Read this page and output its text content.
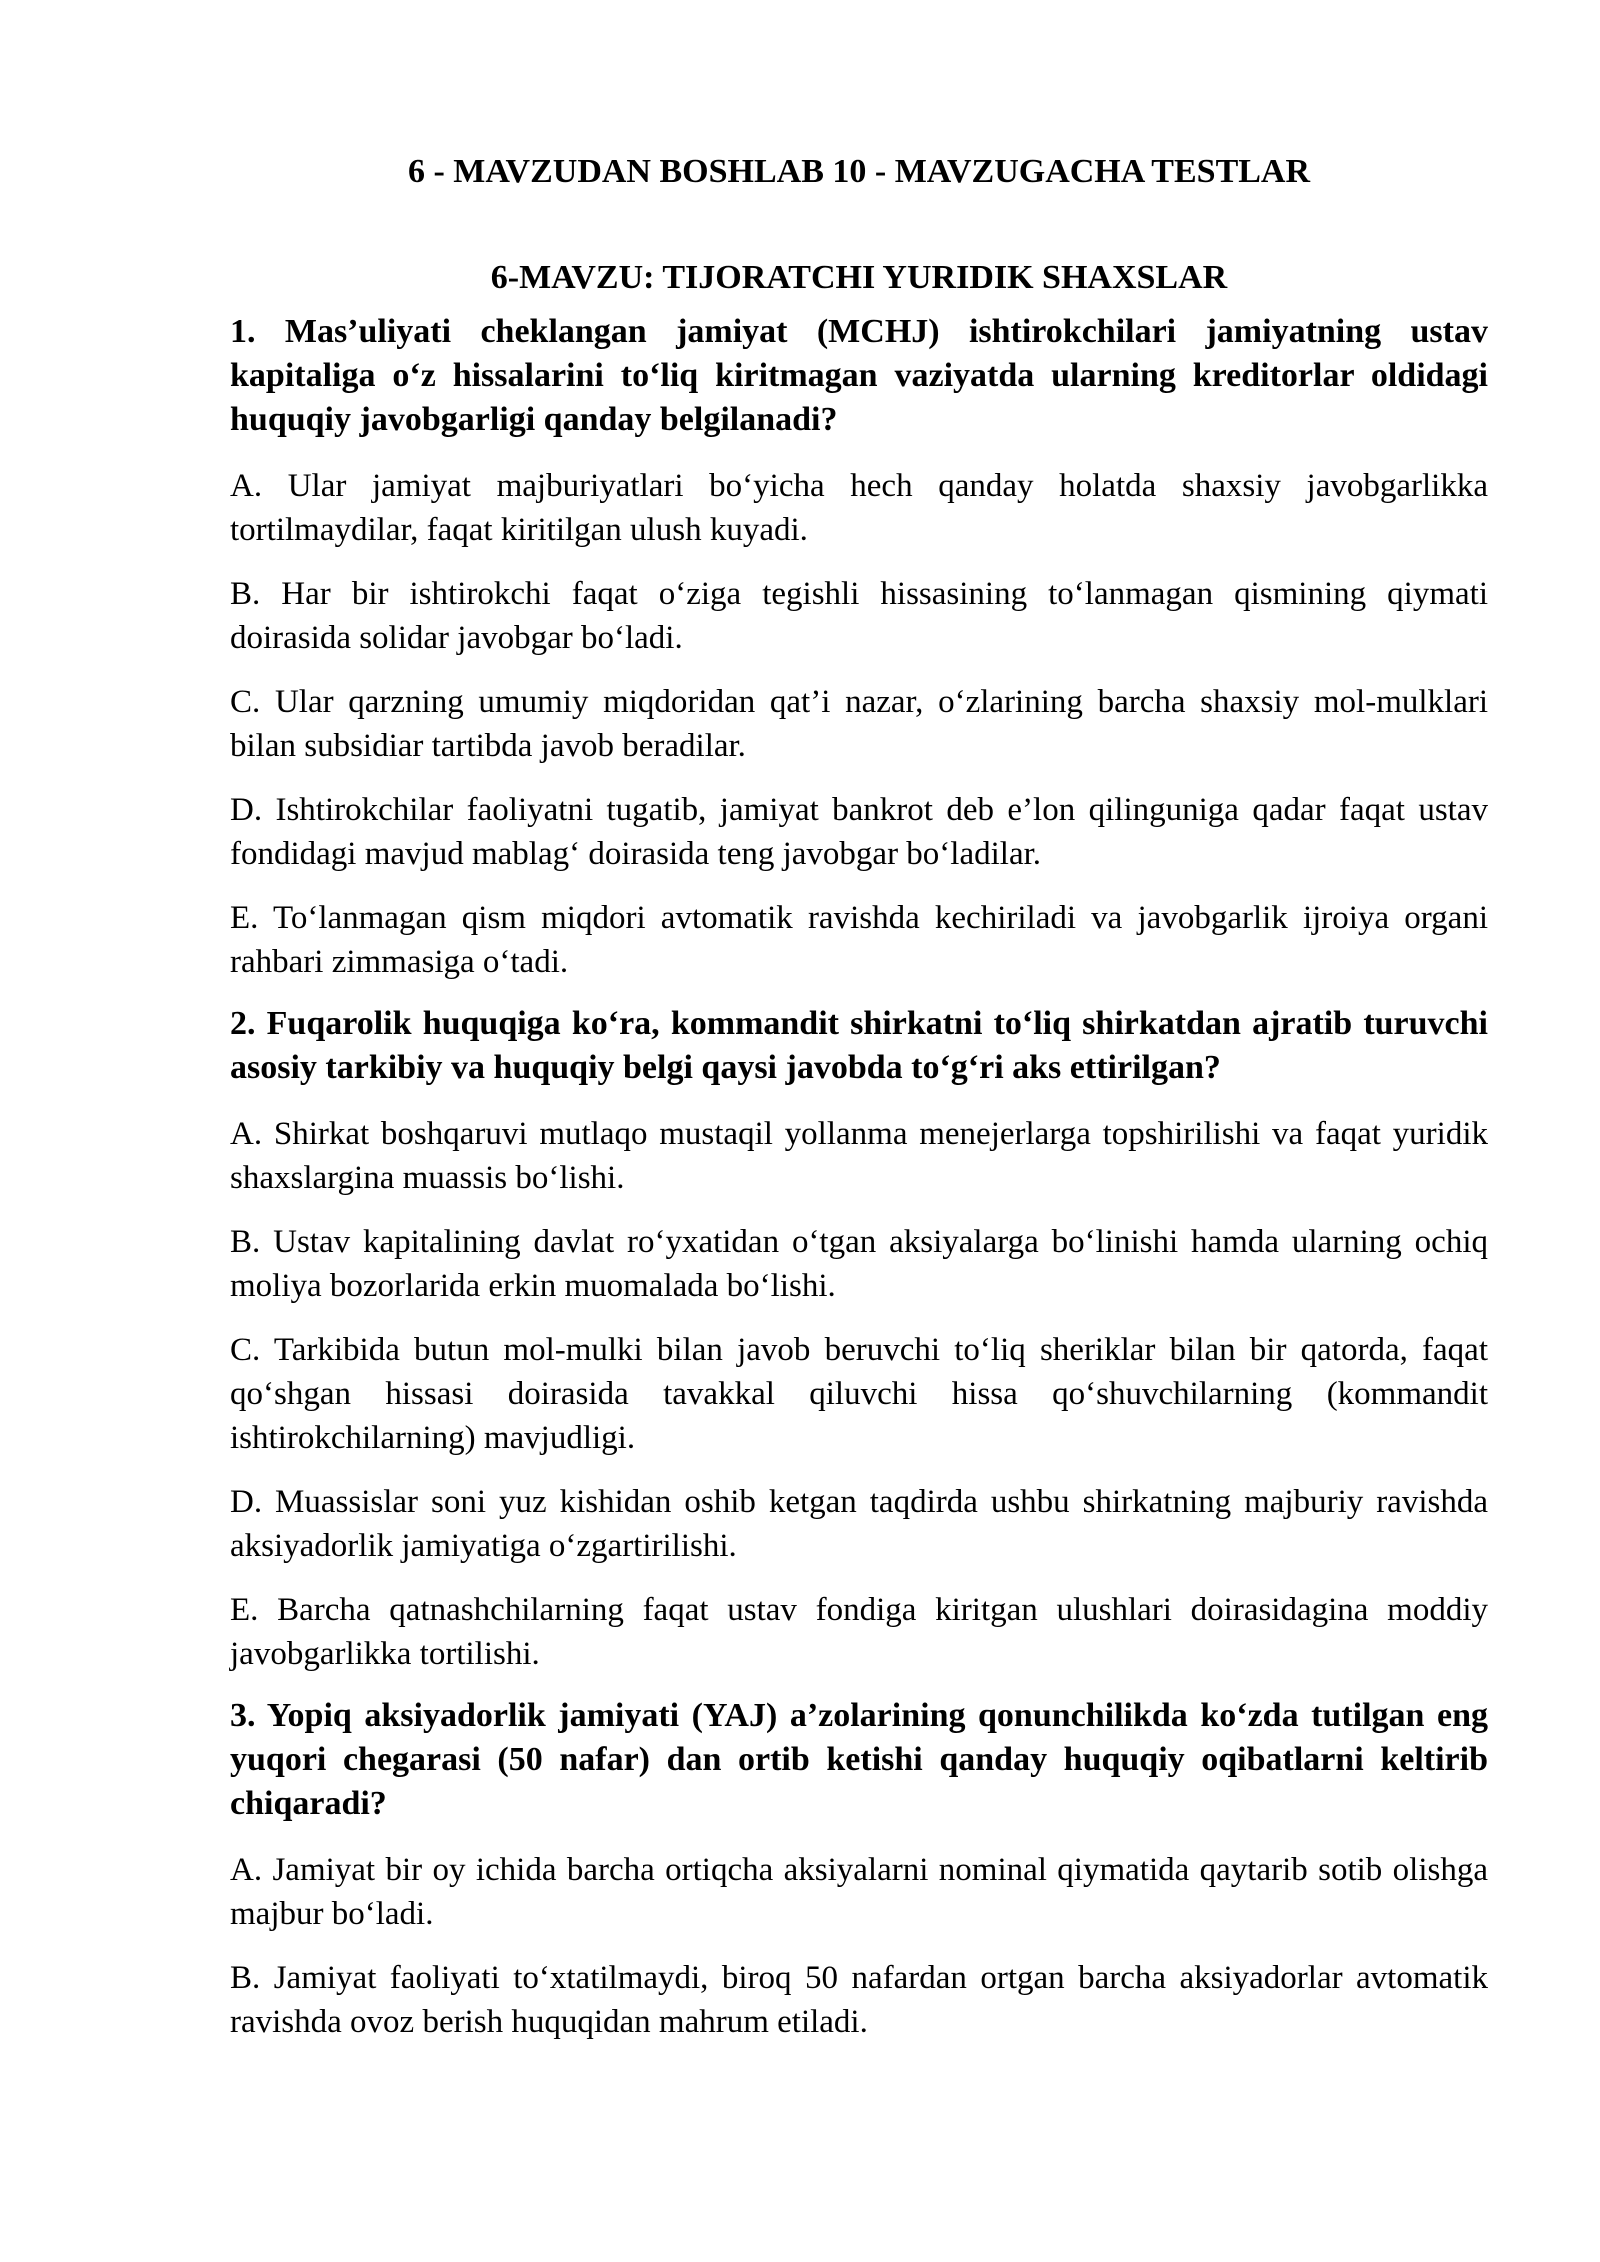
6 - MAVZUDAN BOSHLAB 10 - MAVZUGACHA TESTLAR
6-MAVZU: TIJORATCHI YURIDIK SHAXSLAR

1. Mas’uliyati cheklangan jamiyat (MCHJ) ishtirokchilari jamiyatning ustav kapitaliga o‘z hissalarini to‘liq kiritmagan vaziyatda ularning kreditorlar oldidagi huquqiy javobgarligi qanday belgilanadi?

A. Ular jamiyat majburiyatlari bo‘yicha hech qanday holatda shaxsiy javobgarlikka tortilmaydilar, faqat kiritilgan ulush kuyadi.

B. Har bir ishtirokchi faqat o‘ziga tegishli hissasining to‘lanmagan qismining qiymati doirasida solidar javobgar bo‘ladi.

C. Ular qarzning umumiy miqdoridan qat’i nazar, o‘zlarining barcha shaxsiy mol-mulklari bilan subsidiar tartibda javob beradilar.

D. Ishtirokchilar faoliyatni tugatib, jamiyat bankrot deb e’lon qilinguniga qadar faqat ustav fondidagi mavjud mablag‘ doirasida teng javobgar bo‘ladilar.

E. To‘lanmagan qism miqdori avtomatik ravishda kechiriladi va javobgarlik ijroiya organi rahbari zimmasiga o‘tadi.

2. Fuqarolik huquqiga ko‘ra, kommandit shirkatni to‘liq shirkatdan ajratib turuvchi asosiy tarkibiy va huquqiy belgi qaysi javobda to‘g‘ri aks ettirilgan?

A. Shirkat boshqaruvi mutlaqo mustaqil yollanma menejerlarga topshirilishi va faqat yuridik shaxslargina muassis bo‘lishi.

B. Ustav kapitalining davlat ro‘yxatidan o‘tgan aksiyalarga bo‘linishi hamda ularning ochiq moliya bozorlarida erkin muomalada bo‘lishi.

C. Tarkibida butun mol-mulki bilan javob beruvchi to‘liq sheriklar bilan bir qatorda, faqat qo‘shgan hissasi doirasida tavakkal qiluvchi hissa qo‘shuvchilarning (kommandit ishtirokchilarning) mavjudligi.

D. Muassislar soni yuz kishidan oshib ketgan taqdirda ushbu shirkatning majburiy ravishda aksiyadorlik jamiyatiga o‘zgartirilishi.

E. Barcha qatnashchilarning faqat ustav fondiga kiritgan ulushlari doirasidagina moddiy javobgarlikka tortilishi.

3. Yopiq aksiyadorlik jamiyati (YAJ) a’zolarining qonunchilikda ko‘zda tutilgan eng yuqori chegarasi (50 nafar) dan ortib ketishi qanday huquqiy oqibatlarni keltirib chiqaradi?

A. Jamiyat bir oy ichida barcha ortiqcha aksiyalarni nominal qiymatida qaytarib sotib olishga majbur bo‘ladi.

B. Jamiyat faoliyati to‘xtatilmaydi, biroq 50 nafardan ortgan barcha aksiyadorlar avtomatik ravishda ovoz berish huquqidan mahrum etiladi.
